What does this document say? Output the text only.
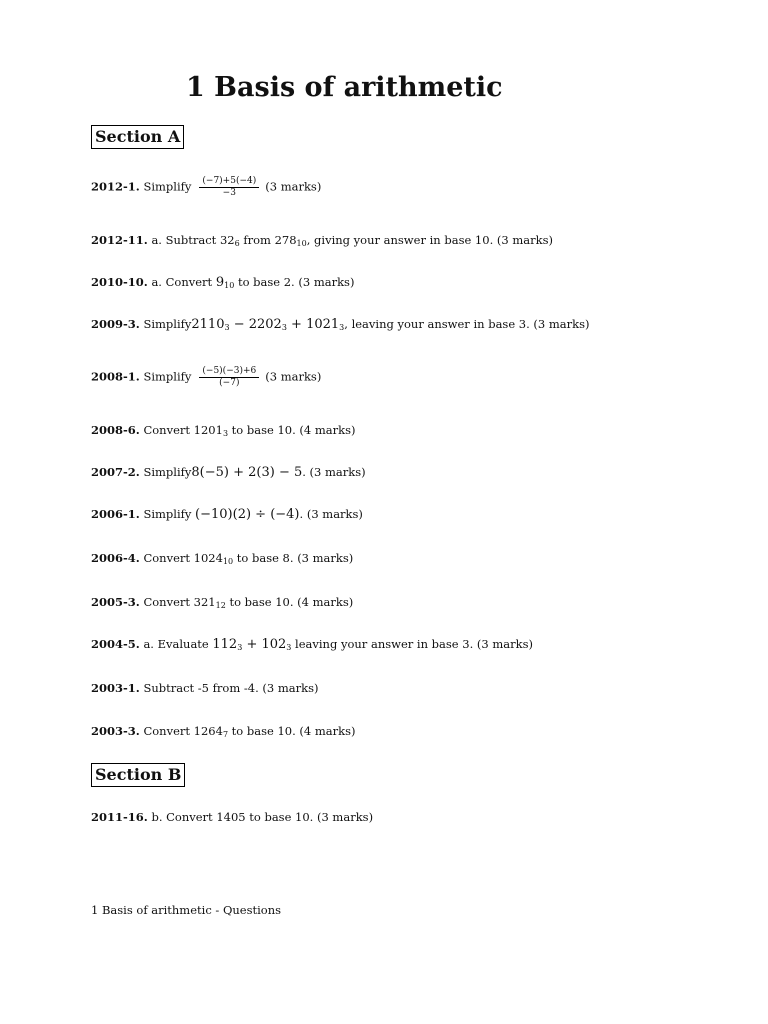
1 Basis of arithmetic
Section A

2012-1. Simplify $\frac{(-7)+5(-4)}{-3} (3$ marks)

2012-11. a. Subtract $32_6$ from $278_{10}$, giving your answer in base 10. (3 marks)

2010-10. a. Convert $9_{10}$ to base 2. (3 marks)

2009-3. $Simplify2110_3 - 2202_3 + 1021_3$, leaving your answer in base 3. (3 marks)

2008-1. Simplify $\frac{(-5)(-3)+6}{(-7)} (3$ marks)

2008-6. Convert $1201_3$ to base 10. (4 marks)

2007-2. Simplify8(−5) + 2(3) − 5. (3 marks)

2006-1. Simplify (−10)(2) ÷ (−4). (3 marks)

2006-4. Convert $1024_{10}$ to base 8. (3 marks)

2005-3. Convert $321_{12}$ to base 10. (4 marks)

2004-5. a. Evaluate $112_3 + 102_3$ leaving your answer in base 3. (3 marks)

2003-1. Subtract -5 from -4. (3 marks)

2003-3. Convert $1264_7$ to base 10. (4 marks)

Section B

2011-16. b. Convert 1405 to base 10. (3 marks)

1 Basis of arithmetic - Questions
